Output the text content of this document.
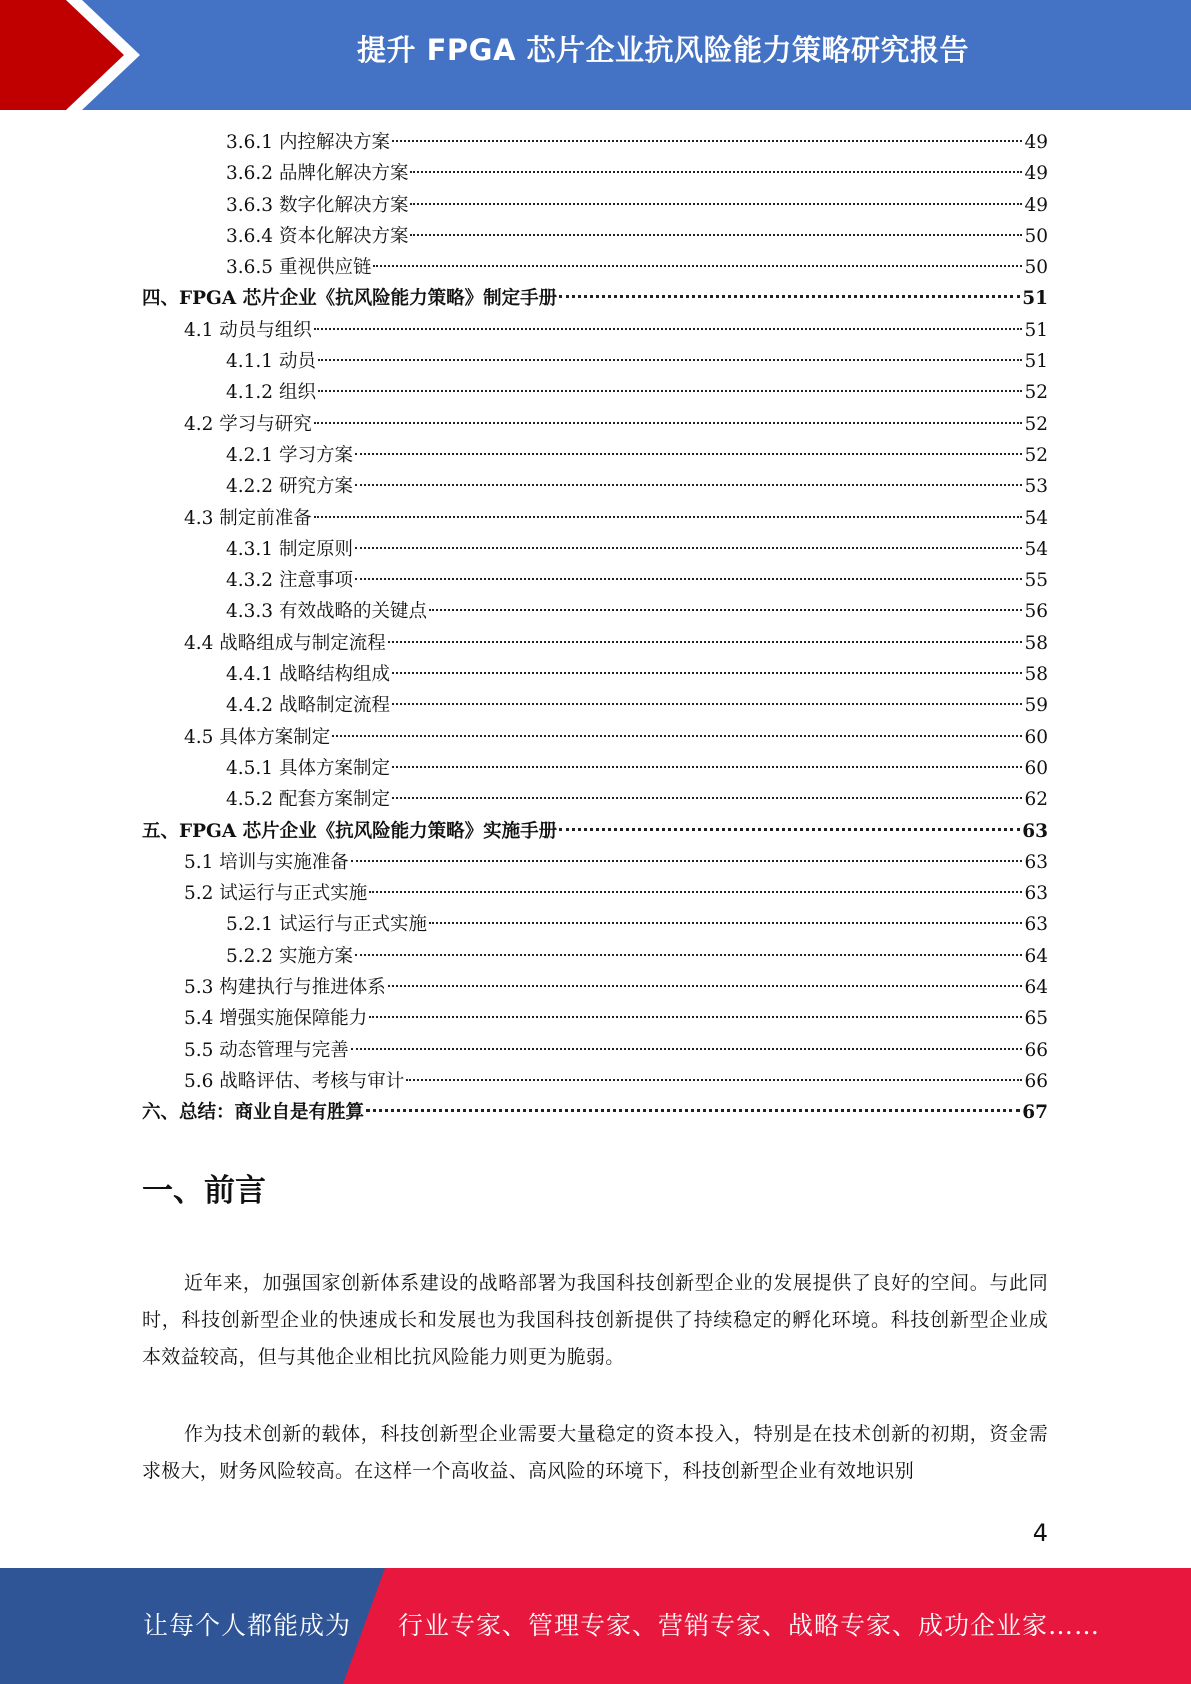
提升 FPGA 芯片企业抗风险能力策略研究报告
3.6.1 内控解决方案	49
3.6.2 品牌化解决方案	49
3.6.3 数字化解决方案	49
3.6.4 资本化解决方案	50
3.6.5 重视供应链	50
四、FPGA 芯片企业《抗风险能力策略》制定手册	51
4.1 动员与组织	51
4.1.1 动员	51
4.1.2 组织	52
4.2 学习与研究	52
4.2.1 学习方案	52
4.2.2 研究方案	53
4.3 制定前准备	54
4.3.1 制定原则	54
4.3.2 注意事项	55
4.3.3 有效战略的关键点	56
4.4 战略组成与制定流程	58
4.4.1 战略结构组成	58
4.4.2 战略制定流程	59
4.5 具体方案制定	60
4.5.1 具体方案制定	60
4.5.2 配套方案制定	62
五、FPGA 芯片企业《抗风险能力策略》实施手册	63
5.1 培训与实施准备	63
5.2 试运行与正式实施	63
5.2.1 试运行与正式实施	63
5.2.2 实施方案	64
5.3 构建执行与推进体系	64
5.4 增强实施保障能力	65
5.5 动态管理与完善	66
5.6 战略评估、考核与审计	66
六、总结：商业自是有胜算	67
一、前言

近年来，加强国家创新体系建设的战略部署为我国科技创新型企业的发展提供了良好的空间。与此同时，科技创新型企业的快速成长和发展也为我国科技创新提供了持续稳定的孵化环境。科技创新型企业成本效益较高，但与其他企业相比抗风险能力则更为脆弱。

作为技术创新的载体，科技创新型企业需要大量稳定的资本投入，特别是在技术创新的初期，资金需求极大，财务风险较高。在这样一个高收益、高风险的环境下，科技创新型企业有效地识别

4
让每个人都能成为 行业专家、管理专家、营销专家、战略专家、成功企业家……
